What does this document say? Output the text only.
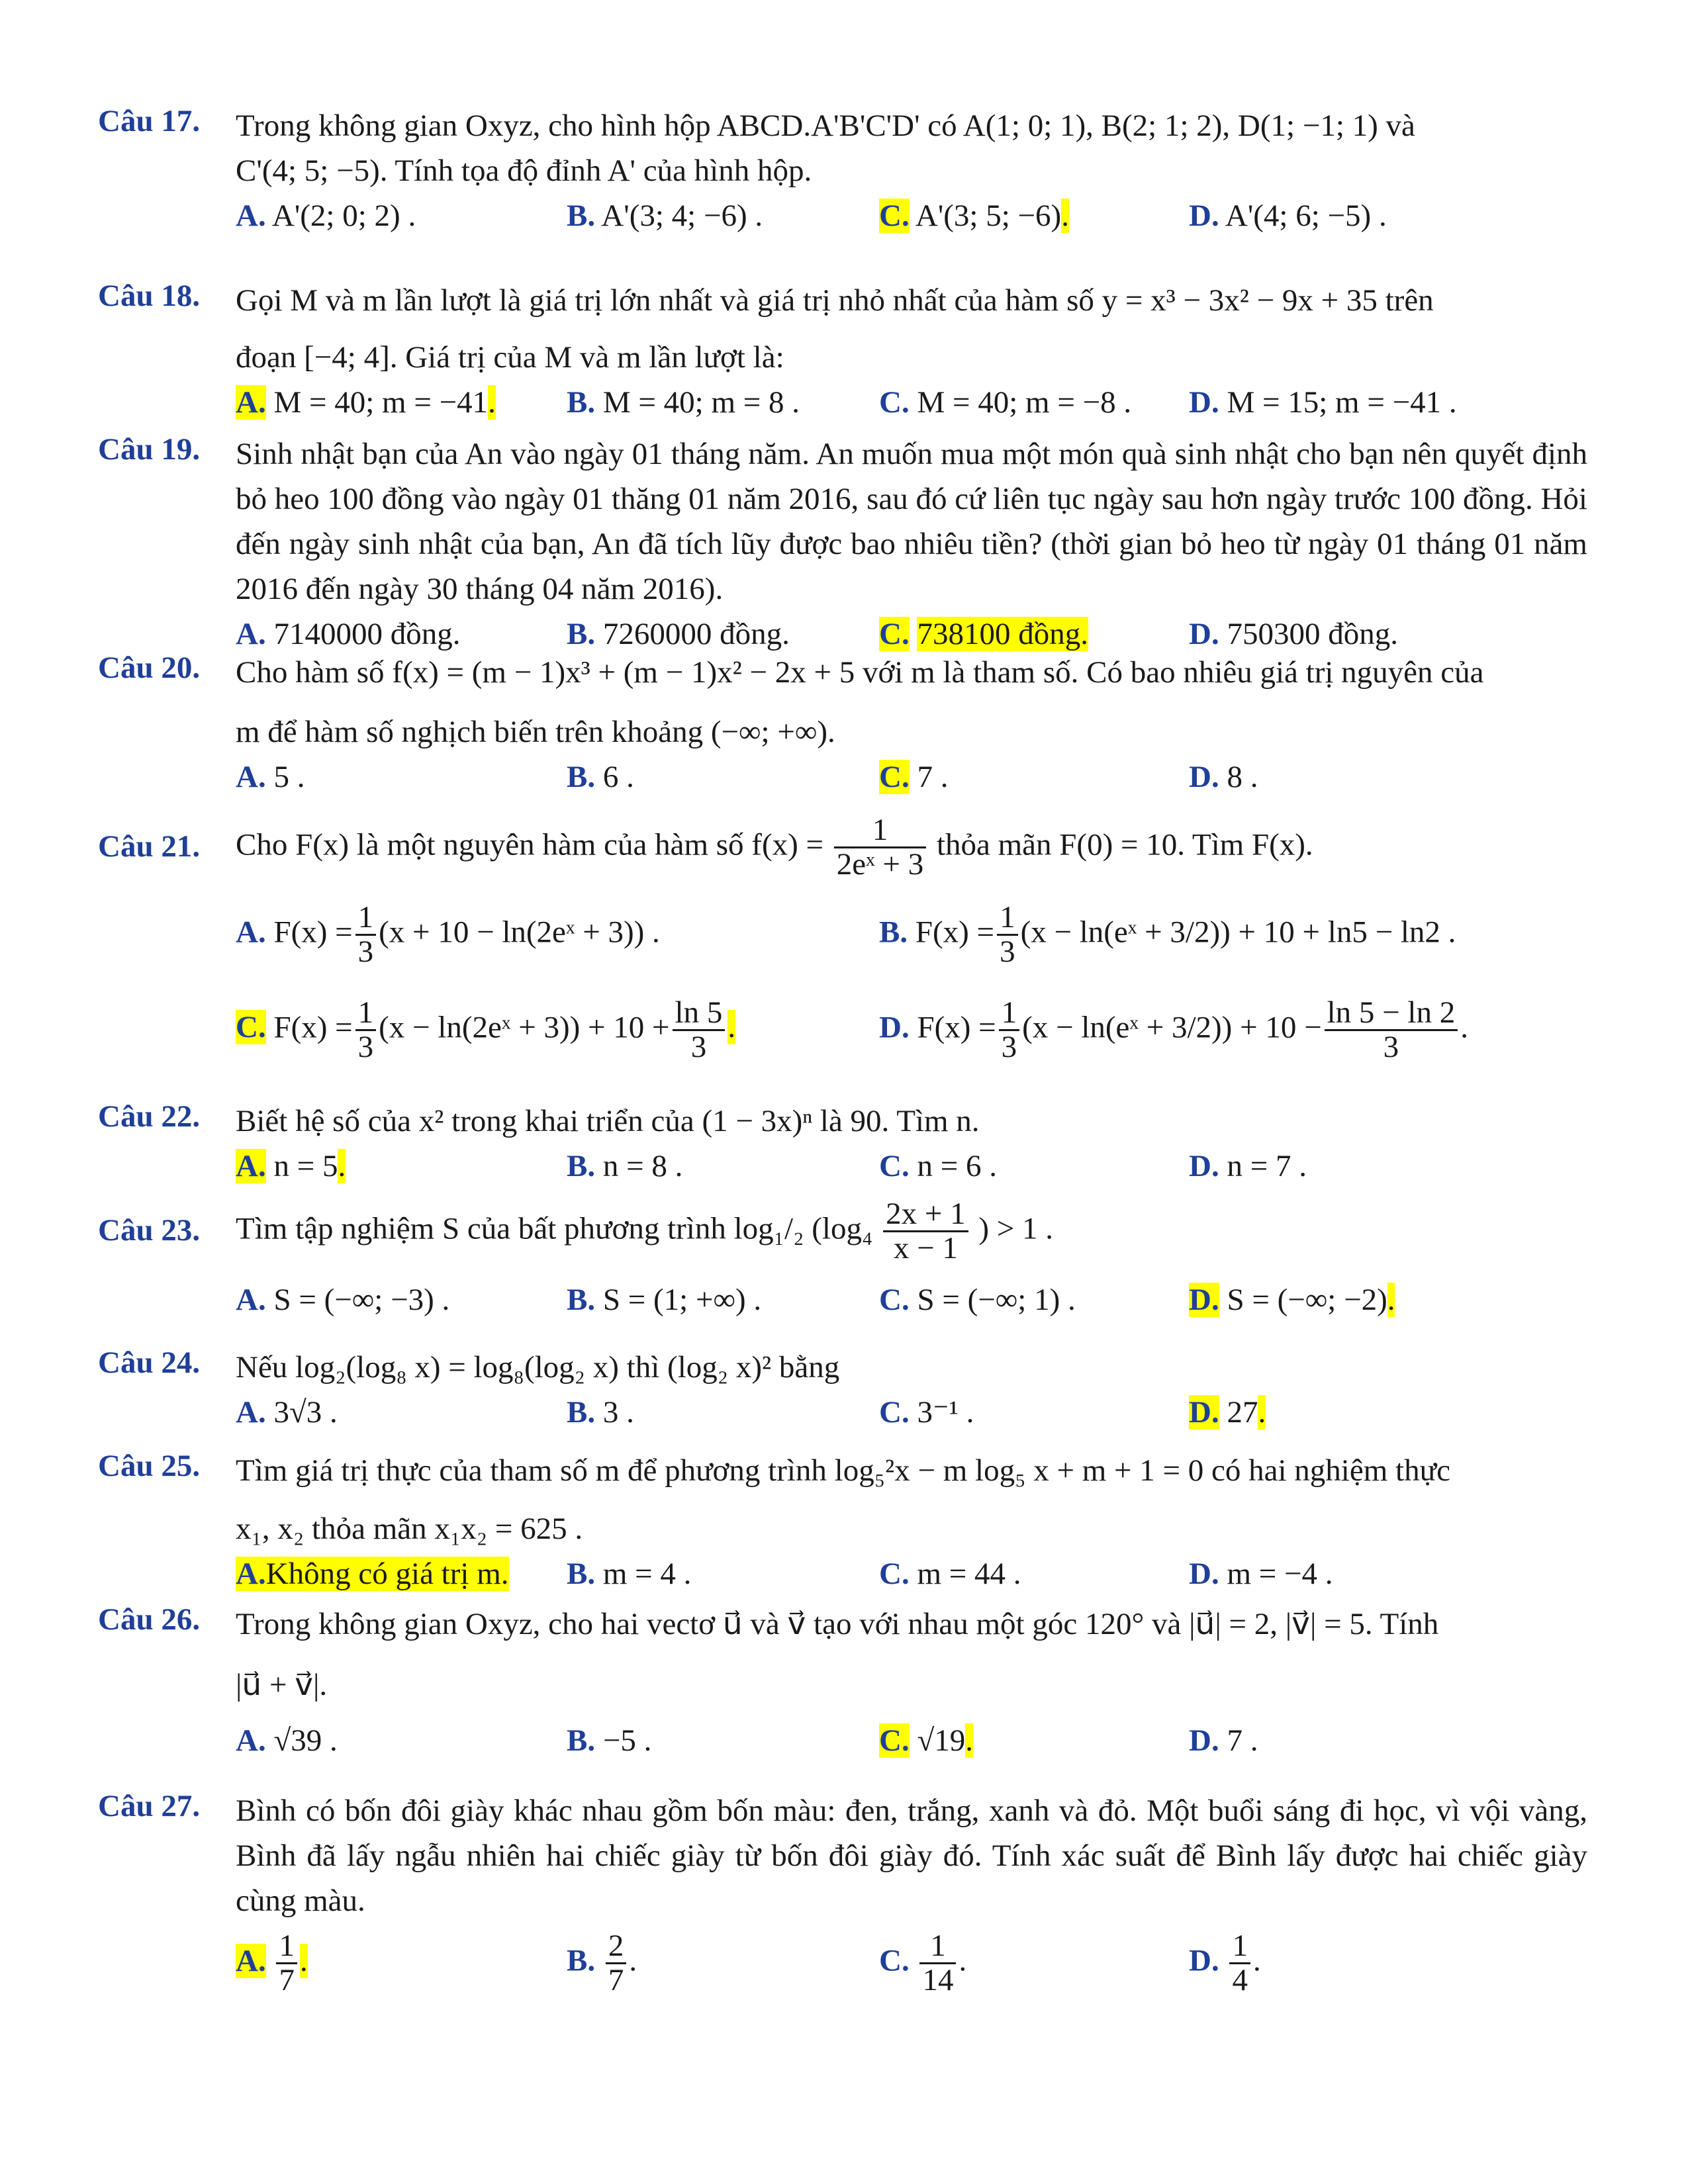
Câu 17. Trong không gian Oxyz, cho hình hộp ABCD.A'B'C'D' có A(1; 0; 1), B(2; 1; 2), D(1; −1; 1) và

C'(4; 5; −5). Tính tọa độ đỉnh A' của hình hộp.

A. A'(2; 0; 2) .	B. A'(3; 4; −6) .	C. A'(3; 5; −6).	D. A'(4; 6; −5) .
Câu 18. Gọi M và m lần lượt là giá trị lớn nhất và giá trị nhỏ nhất của hàm số y = x³ − 3x² − 9x + 35 trên

đoạn [−4; 4]. Giá trị của M và m lần lượt là:

A. M = 40; m = −41. B. M = 40; m = 8 .	C. M = 40; m = −8 . D. M = 15; m = −41 .
Câu 19. Sinh nhật bạn của An vào ngày 01 tháng năm. An muốn mua một món quà sinh nhật cho bạn nên quyết định bỏ heo 100 đồng vào ngày 01 thăng 01 năm 2016, sau đó cứ liên tục ngày sau hơn ngày trước 100 đồng. Hỏi đến ngày sinh nhật của bạn, An đã tích lũy được bao nhiêu tiền? (thời gian bỏ heo từ ngày 01 tháng 01 năm 2016 đến ngày 30 tháng 04 năm 2016).

A. 7140000 đồng.	B. 7260000 đồng.	C. 738100 đồng.	D. 750300 đồng.
Câu 20. Cho hàm số f(x) = (m − 1)x³ + (m − 1)x² − 2x + 5 với m là tham số. Có bao nhiêu giá trị nguyên của

m để hàm số nghịch biến trên khoảng (−∞; +∞).

A. 5 .	B. 6 .	C. 7 .	D. 8 .
Câu 21. Cho F(x) là một nguyên hàm của hàm số $f(x) = \frac{1}{\text{2eˣ + 3}}$ thỏa mãn F(0) = 10. Tìm F(x).
A. $F(x) = \frac{1}{3} (x + 10$ − ln(2eˣ + 3)) .	B. $F(x) = \frac{1}{3} (x$ − ln(eˣ + 3/2)) + 10 + ln5 − ln2 .
C. $F(x) = \frac{1}{3} (x$ − ln(2eˣ + $3)) + 10 + \frac{\ln 5}{3}$ .	D. $F(x) = \frac{1}{3} (x$ − ln(eˣ + $3/2)) + 10 - \frac{\ln 5 - \ln 2}{3}$ .
Câu 22. Biết hệ số của x² trong khai triển của (1 − 3x)ⁿ là 90. Tìm n.

A. n = 5.	B. n = 8 .	C. n = 6 .	D. n = 7 .
Câu 23. Tìm tập nghiệm S của bất phương trình log₁/₂ ($\log_4 \frac{2x + 1}{x - 1}$ ) > 1 .
A. S = (−∞; −3) .	B. S = (1; +∞) .	C. S = (−∞; 1) .	D. S = (−∞; −2).
Câu 24. Nếu log₂(log₈ x) = log₈(log₂ x) thì (log₂ x)² bằng

A. 3√3 .	B. 3 .	C. 3⁻¹ .	D. 27.
Câu 25. Tìm giá trị thực của tham số m để phương trình log₅²x − m log₅ x + m + 1 = 0 có hai nghiệm thực

x₁, x₂ thỏa mãn x₁x₂ = 625 .

A.Không có giá trị m. B. m = 4 .	C. m = 44 .	D. m = −4 .
Câu 26. Trong không gian Oxyz, cho hai vectơ u⃗ và v⃗ tạo với nhau một góc 120° và |u⃗| = 2, |v⃗| = 5. Tính

|u⃗ + v⃗|.

A. √39 .	B. −5 .	C. √19.	D. 7 .
Câu 27. Bình có bốn đôi giày khác nhau gồm bốn màu: đen, trắng, xanh và đỏ. Một buổi sáng đi học, vì vội vàng, Bình đã lấy ngẫu nhiên hai chiếc giày từ bốn đôi giày đó. Tính xác suất để Bình lấy được hai chiếc giày cùng màu.

A. $\frac{1}{7}$ .	B. $\frac{2}{7}$ .	C. $\frac{1}{14}$ .	D. $\frac{1}{4}$ .
